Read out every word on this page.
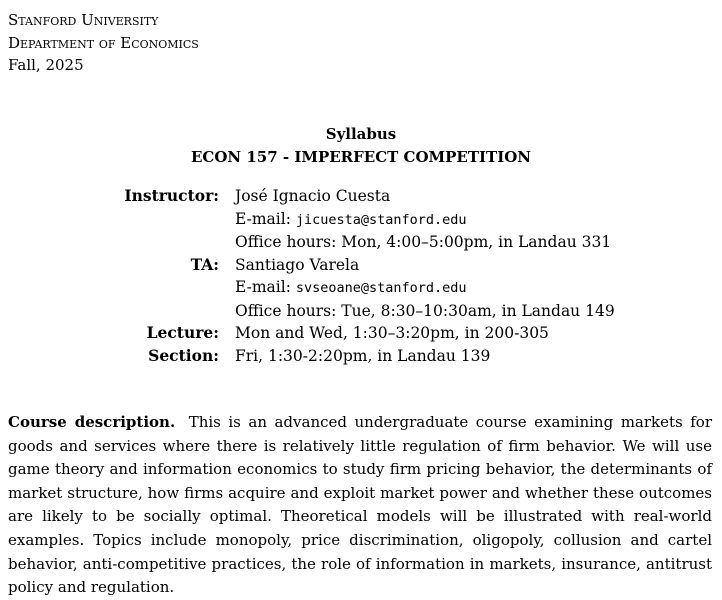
Stanford University
Department of Economics
Fall, 2025
Syllabus
ECON 157 - IMPERFECT COMPETITION
Instructor:	José Ignacio Cuesta
E-mail: jicuesta@stanford.edu
Office hours: Mon, 4:00–5:00pm, in Landau 331
TA:	Santiago Varela
E-mail: svseoane@stanford.edu
Office hours: Tue, 8:30–10:30am, in Landau 149
Lecture:	Mon and Wed, 1:30–3:20pm, in 200-305
Section:	Fri, 1:30-2:20pm, in Landau 139
Course description. This is an advanced undergraduate course examining markets for goods and services where there is relatively little regulation of firm behavior. We will use game theory and information economics to study firm pricing behavior, the determinants of market structure, how firms acquire and exploit market power and whether these outcomes are likely to be socially optimal. Theoretical models will be illustrated with real-world examples. Topics include monopoly, price discrimination, oligopoly, collusion and cartel behavior, anti-competitive practices, the role of information in markets, insurance, antitrust policy and regulation.
